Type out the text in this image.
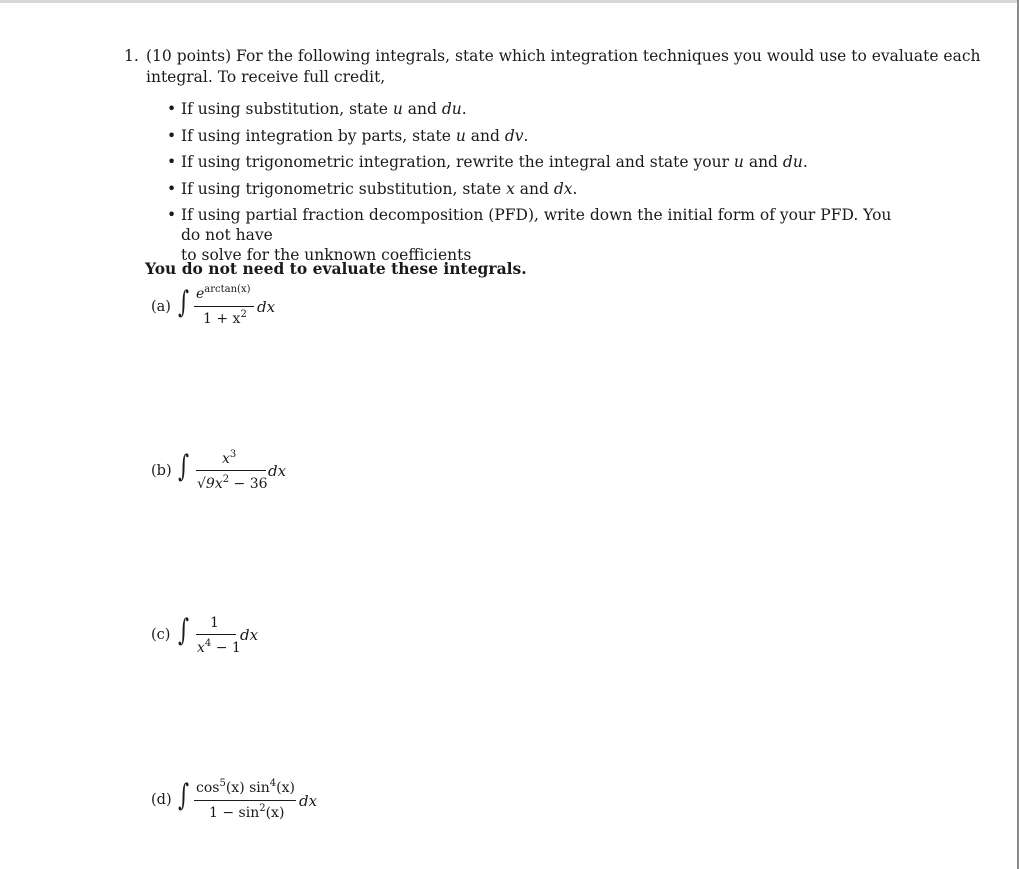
1. (10 points) For the following integrals, state which integration techniques you would use to evaluate each
integral. To receive full credit,
• If using substitution, state u and du.
• If using integration by parts, state u and dv.
• If using trigonometric integration, rewrite the integral and state your u and du.
• If using trigonometric substitution, state x and dx.
• If using partial fraction decomposition (PFD), write down the initial form of your PFD. You do not have
to solve for the unknown coefficients
You do not need to evaluate these integrals.
(a) ∫ $e^{arctan(x)}$
$1 + x^2$ dx
(b) ∫ $x^3$
$√9x^2 - 36$
dx
(c) ∫ 1
$x^4 - 1$
dx
(d) ∫ $\cos^5(x)$ $\sin^4(x)$
$1 - \sin^2(x)$
dx
